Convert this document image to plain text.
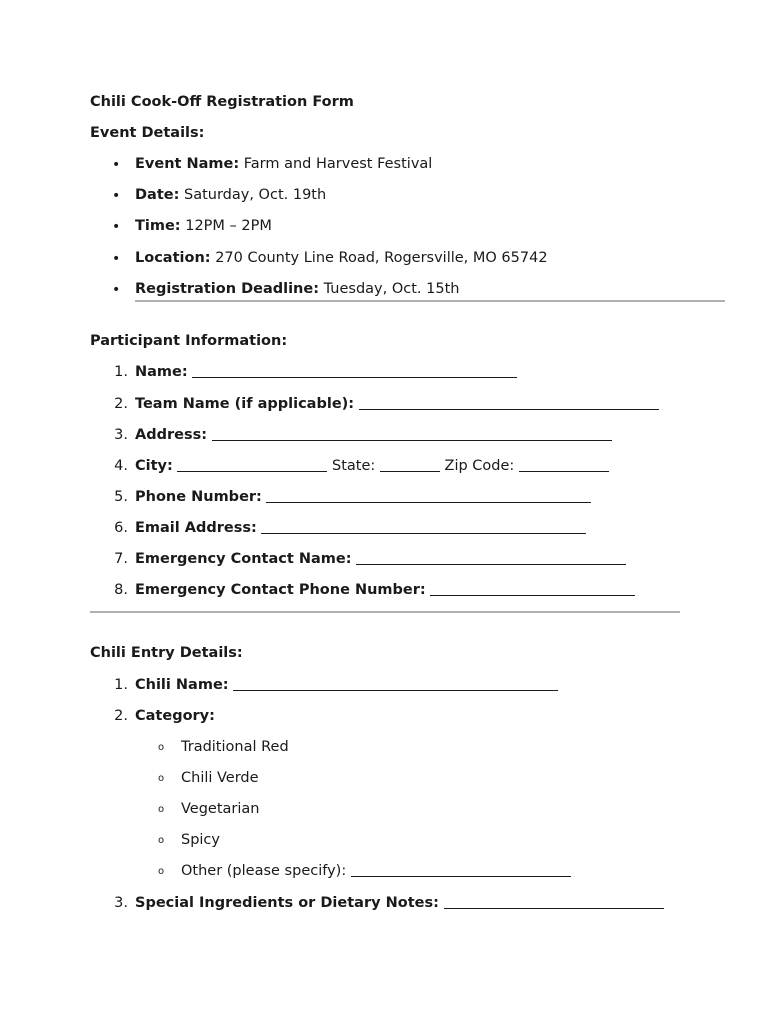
Chili Cook-Off Registration Form
Event Details:
• Event Name: Farm and Harvest Festival
• Date: Saturday, Oct. 19th
• Time: 12PM – 2PM
• Location: 270 County Line Road, Rogersville, MO 65742
• Registration Deadline: Tuesday, Oct. 15th
Participant Information:
1. Name:
2. Team Name (if applicable):
3. Address:
4. City:	State:	Zip Code:
5. Phone Number:
6. Email Address:
7. Emergency Contact Name:
8. Emergency Contact Phone Number:
Chili Entry Details:
1. Chili Name:
2. Category:
o Traditional Red
o Chili Verde
o Vegetarian
o Spicy
o Other (please specify):
3. Special Ingredients or Dietary Notes:
